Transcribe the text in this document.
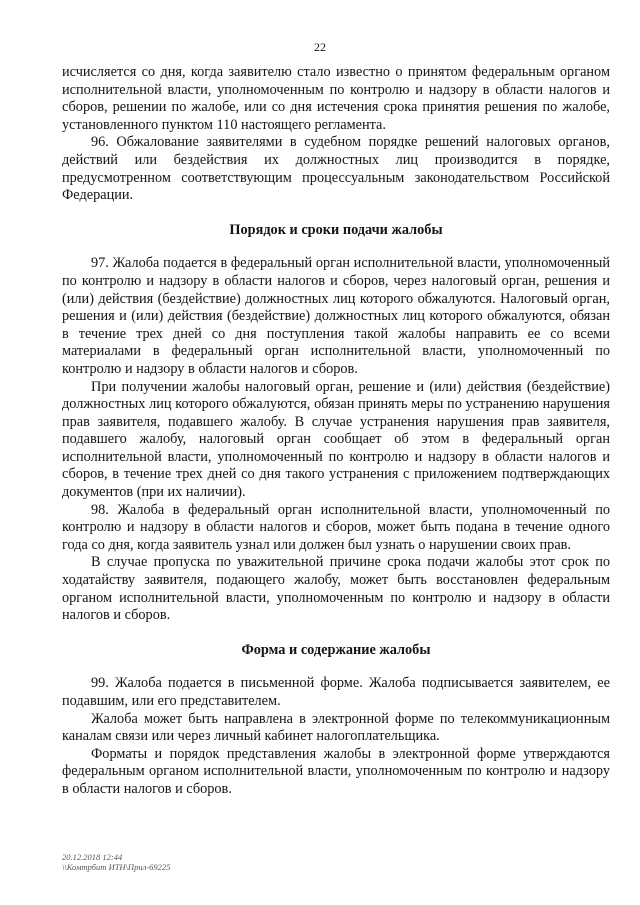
22

исчисляется со дня, когда заявителю стало известно о принятом федеральным органом исполнительной власти, уполномоченным по контролю и надзору в области налогов и сборов, решении по жалобе, или со дня истечения срока принятия решения по жалобе, установленного пунктом 110 настоящего регламента.

96. Обжалование заявителями в судебном порядке решений налоговых органов, действий или бездействия их должностных лиц производится в порядке, предусмотренном соответствующим процессуальным законодательством Российской Федерации.

Порядок и сроки подачи жалобы

97. Жалоба подается в федеральный орган исполнительной власти, уполномоченный по контролю и надзору в области налогов и сборов, через налоговый орган, решения и (или) действия (бездействие) должностных лиц которого обжалуются. Налоговый орган, решения и (или) действия (бездействие) должностных лиц которого обжалуются, обязан в течение трех дней со дня поступления такой жалобы направить ее со всеми материалами в федеральный орган исполнительной власти, уполномоченный по контролю и надзору в области налогов и сборов.

При получении жалобы налоговый орган, решение и (или) действия (бездействие) должностных лиц которого обжалуются, обязан принять меры по устранению нарушения прав заявителя, подавшего жалобу. В случае устранения нарушения прав заявителя, подавшего жалобу, налоговый орган сообщает об этом в федеральный орган исполнительной власти, уполномоченный по контролю и надзору в области налогов и сборов, в течение трех дней со дня такого устранения с приложением подтверждающих документов (при их наличии).

98. Жалоба в федеральный орган исполнительной власти, уполномоченный по контролю и надзору в области налогов и сборов, может быть подана в течение одного года со дня, когда заявитель узнал или должен был узнать о нарушении своих прав.

В случае пропуска по уважительной причине срока подачи жалобы этот срок по ходатайству заявителя, подающего жалобу, может быть восстановлен федеральным органом исполнительной власти, уполномоченным по контролю и надзору в области налогов и сборов.

Форма и содержание жалобы

99. Жалоба подается в письменной форме. Жалоба подписывается заявителем, ее подавшим, или его представителем.

Жалоба может быть направлена в электронной форме по телекоммуникационным каналам связи или через личный кабинет налогоплательщика.

Форматы и порядок представления жалобы в электронной форме утверждаются федеральным органом исполнительной власти, уполномоченным по контролю и надзору в области налогов и сборов.

20.12.2018 12:44
\\Комтрбит ИТН\Прил-69225
